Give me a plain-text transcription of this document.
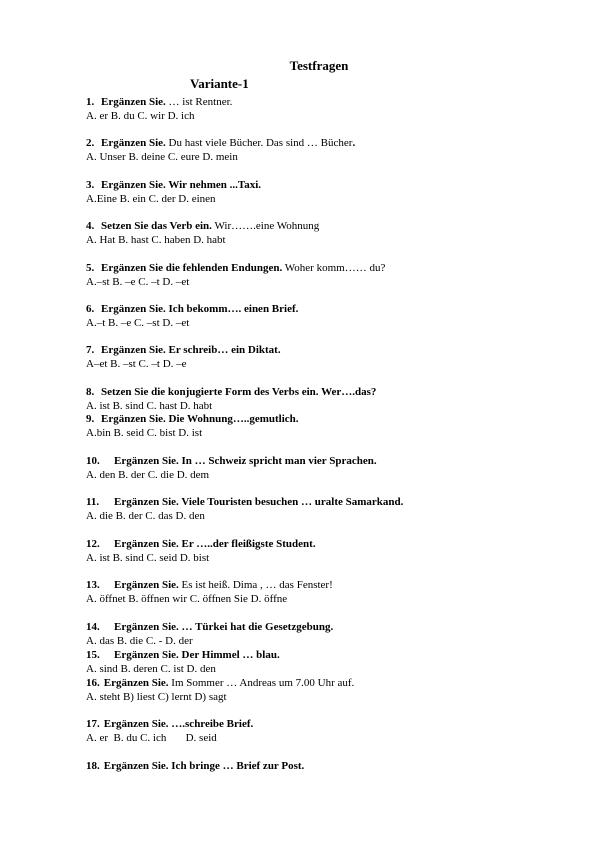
Testfragen
Variante-1
1. Ergänzen Sie. … ist Rentner.
A. er B. du C. wir D. ich
2. Ergänzen Sie. Du hast viele Bücher. Das sind … Bücher.
A. Unser B. deine C. eure D. mein
3. Ergänzen Sie. Wir nehmen ...Taxi.
A.Eine B. ein C. der D. einen
4. Setzen Sie das Verb ein. Wir…….eine Wohnung
A. Hat B. hast C. haben D. habt
5. Ergänzen Sie die fehlenden Endungen. Woher komm…… du?
A.–st B. –e C. –t D. –et
6. Ergänzen Sie. Ich bekomm…. einen Brief.
A.–t B. –e C. –st D. –et
7. Ergänzen Sie. Er schreib… ein Diktat.
A–et B. –st C. –t D. –e
8. Setzen Sie die konjugierte Form des Verbs ein. Wer….das?
A. ist B. sind C. hast D. habt
9. Ergänzen Sie. Die Wohnung…..gemutlich.
A.bin B. seid C. bist D. ist
10. Ergänzen Sie. In … Schweiz spricht man vier Sprachen.
A. den B. der C. die D. dem
11. Ergänzen Sie. Viele Touristen besuchen … uralte Samarkand.
A. die B. der C. das D. den
12. Ergänzen Sie. Er …..der fleißigste Student.
A. ist B. sind C. seid D. bist
13. Ergänzen Sie. Es ist heiß. Dima , … das Fenster!
A. öffnet B. öffnen wir C. öffnen Sie D. öffne
14. Ergänzen Sie. … Türkei hat die Gesetzgebung.
A. das B. die C. - D. der
15. Ergänzen Sie. Der Himmel … blau.
A. sind B. deren C. ist D. den
16. Ergänzen Sie. Im Sommer … Andreas um 7.00 Uhr auf.
A. steht B) liest C) lernt D) sagt
17. Ergänzen Sie. ….schreibe Brief.
A. er  B. du C. ich       D. seid
18. Ergänzen Sie. Ich bringe … Brief zur Post.
